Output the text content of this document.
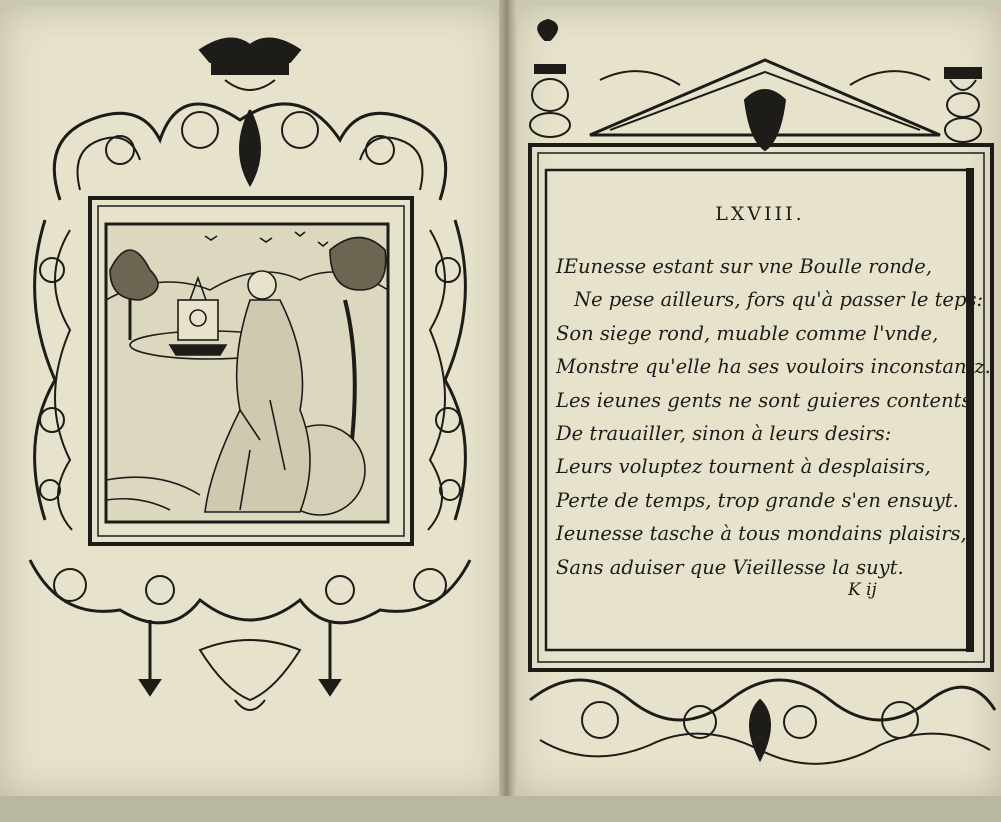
LXVIII.
IEunesse estant sur vne Boulle ronde,
Ne pese ailleurs, fors qu'à passer le teps:
Son siege rond, muable comme l'vnde,
Monstre qu'elle ha ses vouloirs inconstantz.
Les ieunes gents ne sont guieres contents
De trauailler, sinon à leurs desirs:
Leurs voluptez tournent à desplaisirs,
Perte de temps, trop grande s'en ensuyt.
Ieunesse tasche à tous mondains plaisirs,
Sans aduiser que Vieillesse la suyt.
K ij
